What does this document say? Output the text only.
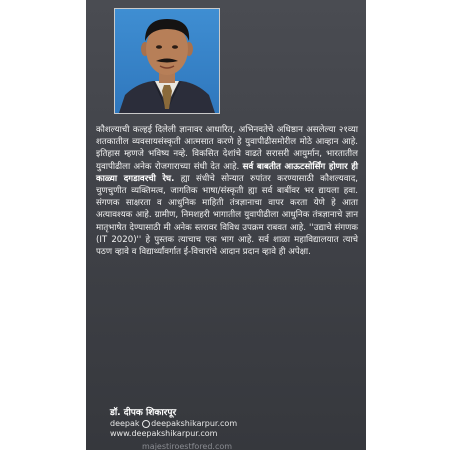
कौशल्याची कल्हई दिलेली ज्ञानावर आधारित, अभिनवतेचे अधिष्ठान असलेल्या २१व्या शतकातील व्यवसायसंस्कृती आत्मसात करणे हे युवापीढीसमोरील मोठे आव्हान आहे. इतिहास म्हणजे भविष्य नव्हे. विकसित देशांचे वाढते सरासरी आयुर्मान, भारतातील युवापीढीला अनेक रोजगाराच्या संधी देत आहे. सर्व बाबतीत आऊटसोर्सिंग होणार ही काळ्या दगडावरची रेघ. ह्या संधीचे सोन्यात रुपांतर करण्यासाठी कौशल्यवाद, चुणचुणीत व्यक्तिमत्व, जागतिक भाषा/संस्कृती ह्या सर्व बाबींवर भर द्यायला हवा. संगणक साक्षरता व आधुनिक माहिती तंत्रज्ञानाचा वापर करता येणे हे आता अत्यावश्यक आहे. ग्रामीण, निमशहरी भागातील युवापीढीला आधुनिक तंत्रज्ञानाचे ज्ञान मातृभाषेत देण्यासाठी मी अनेक स्तरावर विविध उपक्रम राबवत आहे. ''उद्याचे संगणक (IT 2020)'' हे पुस्तक त्याचाच एक भाग आहे. सर्व शाळा महाविद्यालयात त्याचे पठण व्हावे व विद्यार्थ्यांवर्गात ई-विचारांचे आदान प्रदान व्हावे ही अपेक्षा.

डॉ. दीपक शिकारपूर
deepak deepakshikarpur.com
www.deepakshikarpur.com
majestiroestfored.com
